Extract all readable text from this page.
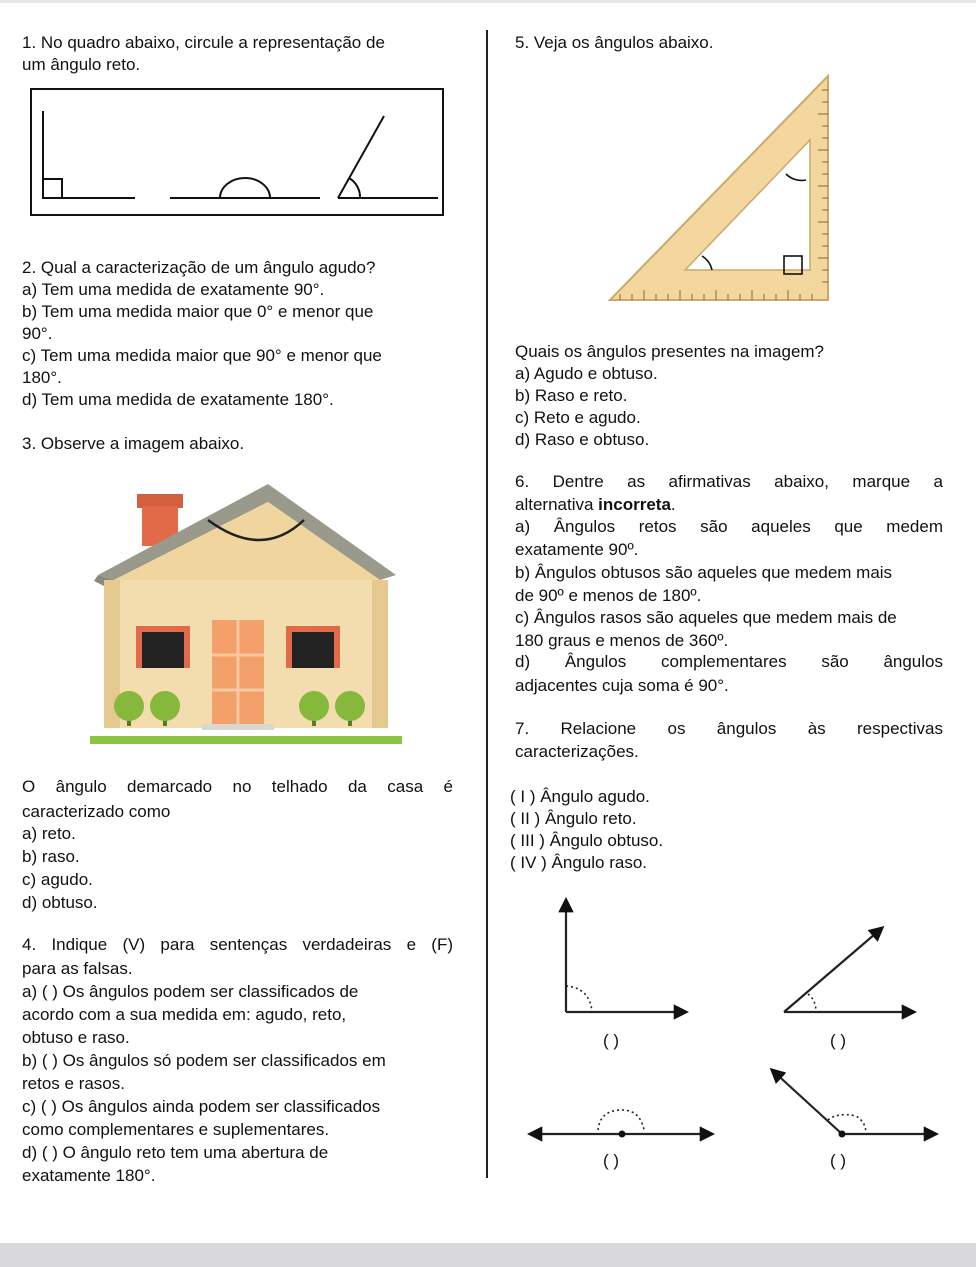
1. No quadro abaixo, circule a representação de
um ângulo reto.
2. Qual a caracterização de um ângulo agudo?
a) Tem uma medida de exatamente 90°.
b) Tem uma medida maior que 0° e menor que
90°.
c) Tem uma medida maior que 90° e menor que
180°.
d) Tem uma medida de exatamente 180°.
3. Observe a imagem abaixo.
O ângulo demarcado no telhado da casa é
caracterizado como
a) reto.
b) raso.
c) agudo.
d) obtuso.
4. Indique (V) para sentenças verdadeiras e (F)
para as falsas.
a) ( ) Os ângulos podem ser classificados de
acordo com a sua medida em: agudo, reto,
obtuso e raso.
b) ( ) Os ângulos só podem ser classificados em
retos e rasos.
c) ( ) Os ângulos ainda podem ser classificados
como complementares e suplementares.
d) ( ) O ângulo reto tem uma abertura de
exatamente 180°.
5. Veja os ângulos abaixo.
Quais os ângulos presentes na imagem?
a) Agudo e obtuso.
b) Raso e reto.
c) Reto e agudo.
d) Raso e obtuso.
6. Dentre as afirmativas abaixo, marque a
alternativa incorreta.
a) Ângulos retos são aqueles que medem
exatamente 90º.
b) Ângulos obtusos são aqueles que medem mais
de 90º e menos de 180º.
c) Ângulos rasos são aqueles que medem mais de
180 graus e menos de 360º.
d) Ângulos complementares são ângulos
adjacentes cuja soma é 90°.
7. Relacione os ângulos às respectivas
caracterizações.
( I ) Ângulo agudo.
( II ) Ângulo reto.
( III ) Ângulo obtuso.
( IV ) Ângulo raso.
( )	( )
( )	( )
